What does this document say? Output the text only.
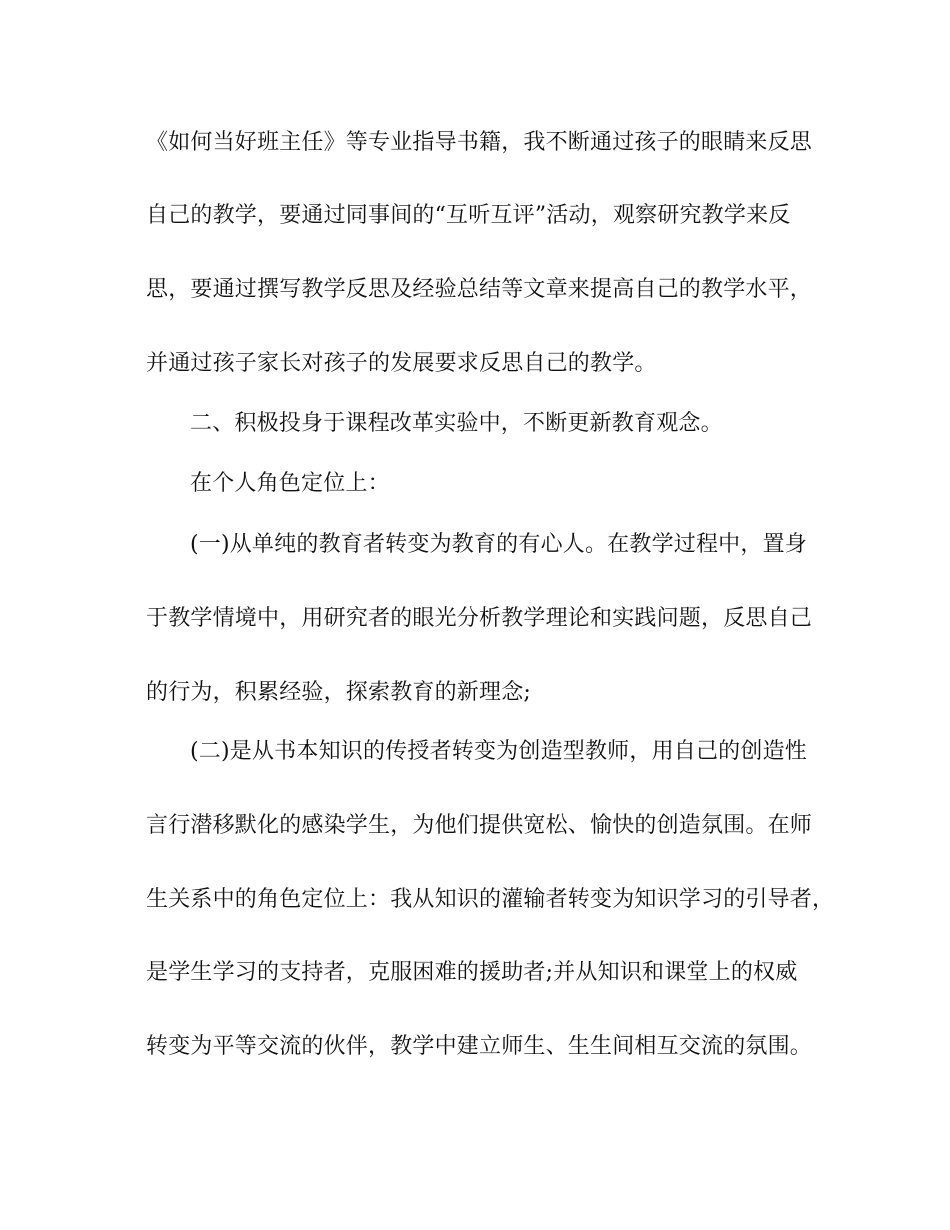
《如何当好班主任》等专业指导书籍，我不断通过孩子的眼睛来反思
自己的教学，要通过同事间的“互听互评”活动，观察研究教学来反
思，要通过撰写教学反思及经验总结等文章来提高自己的教学水平，
并通过孩子家长对孩子的发展要求反思自己的教学。
二、积极投身于课程改革实验中，不断更新教育观念。
在个人角色定位上：
(一)从单纯的教育者转变为教育的有心人。在教学过程中，置身
于教学情境中，用研究者的眼光分析教学理论和实践问题，反思自己
的行为，积累经验，探索教育的新理念;
(二)是从书本知识的传授者转变为创造型教师，用自己的创造性
言行潜移默化的感染学生，为他们提供宽松、愉快的创造氛围。在师
生关系中的角色定位上：我从知识的灌输者转变为知识学习的引导者，
是学生学习的支持者，克服困难的援助者;并从知识和课堂上的权威
转变为平等交流的伙伴，教学中建立师生、生生间相互交流的氛围。
